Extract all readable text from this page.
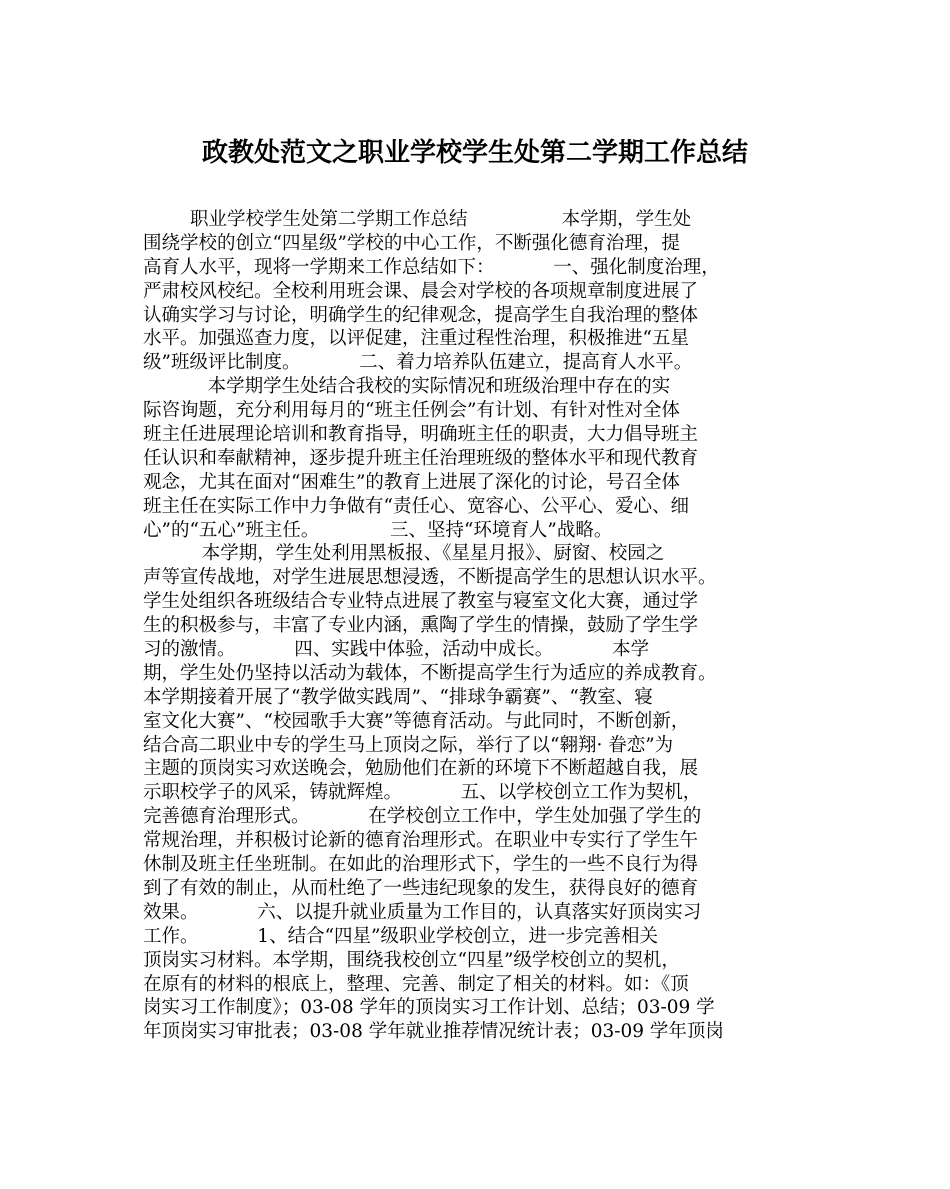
政教处范文之职业学校学生处第二学期工作总结
职业学校学生处第二学期工作总结                本学期，学生处
围绕学校的创立“四星级”学校的中心工作，不断强化德育治理，提
高育人水平，现将一学期来工作总结如下：          一、强化制度治理，
严肃校风校纪。全校利用班会课、晨会对学校的各项规章制度进展了
认确实学习与讨论，明确学生的纪律观念，提高学生自我治理的整体
水平。加强巡查力度，以评促建，注重过程性治理，积极推进“五星
级”班级评比制度。          二、着力培养队伍建立，提高育人水平。
本学期学生处结合我校的实际情况和班级治理中存在的实
际咨询题，充分利用每月的“班主任例会”有计划、有针对性对全体
班主任进展理论培训和教育指导，明确班主任的职责，大力倡导班主
任认识和奉献精神，逐步提升班主任治理班级的整体水平和现代教育
观念，尤其在面对“困难生”的教育上进展了深化的讨论，号召全体
班主任在实际工作中力争做有“责任心、宽容心、公平心、爱心、细
心”的“五心”班主任。            三、坚持“环境育人”战略。
本学期，学生处利用黑板报、《星星月报》、厨窗、校园之
声等宣传战地，对学生进展思想浸透，不断提高学生的思想认识水平。
学生处组织各班级结合专业特点进展了教室与寝室文化大赛，通过学
生的积极参与，丰富了专业内涵，熏陶了学生的情操，鼓励了学生学
习的激情。          四、实践中体验，活动中成长。          本学
期，学生处仍坚持以活动为载体，不断提高学生行为适应的养成教育。
本学期接着开展了“教学做实践周”、“排球争霸赛”、“教室、寝
室文化大赛”、“校园歌手大赛”等德育活动。与此同时，不断创新，
结合高二职业中专的学生马上顶岗之际，举行了以“翱翔· 眷恋”为
主题的顶岗实习欢送晚会，勉励他们在新的环境下不断超越自我，展
示职校学子的风采，铸就辉煌。          五、以学校创立工作为契机，
完善德育治理形式。          在学校创立工作中，学生处加强了学生的
常规治理，并积极讨论新的德育治理形式。在职业中专实行了学生午
休制及班主任坐班制。在如此的治理形式下，学生的一些不良行为得
到了有效的制止，从而杜绝了一些违纪现象的发生，获得良好的德育
效果。          六、以提升就业质量为工作目的，认真落实好顶岗实习
工作。          1、结合“四星”级职业学校创立，进一步完善相关
顶岗实习材料。本学期，围绕我校创立“四星”级学校创立的契机，
在原有的材料的根底上，整理、完善、制定了相关的材料。如：《顶
岗实习工作制度》；03-08 学年的顶岗实习工作计划、总结；03-09 学
年顶岗实习审批表；03-08 学年就业推荐情况统计表；03-09 学年顶岗
